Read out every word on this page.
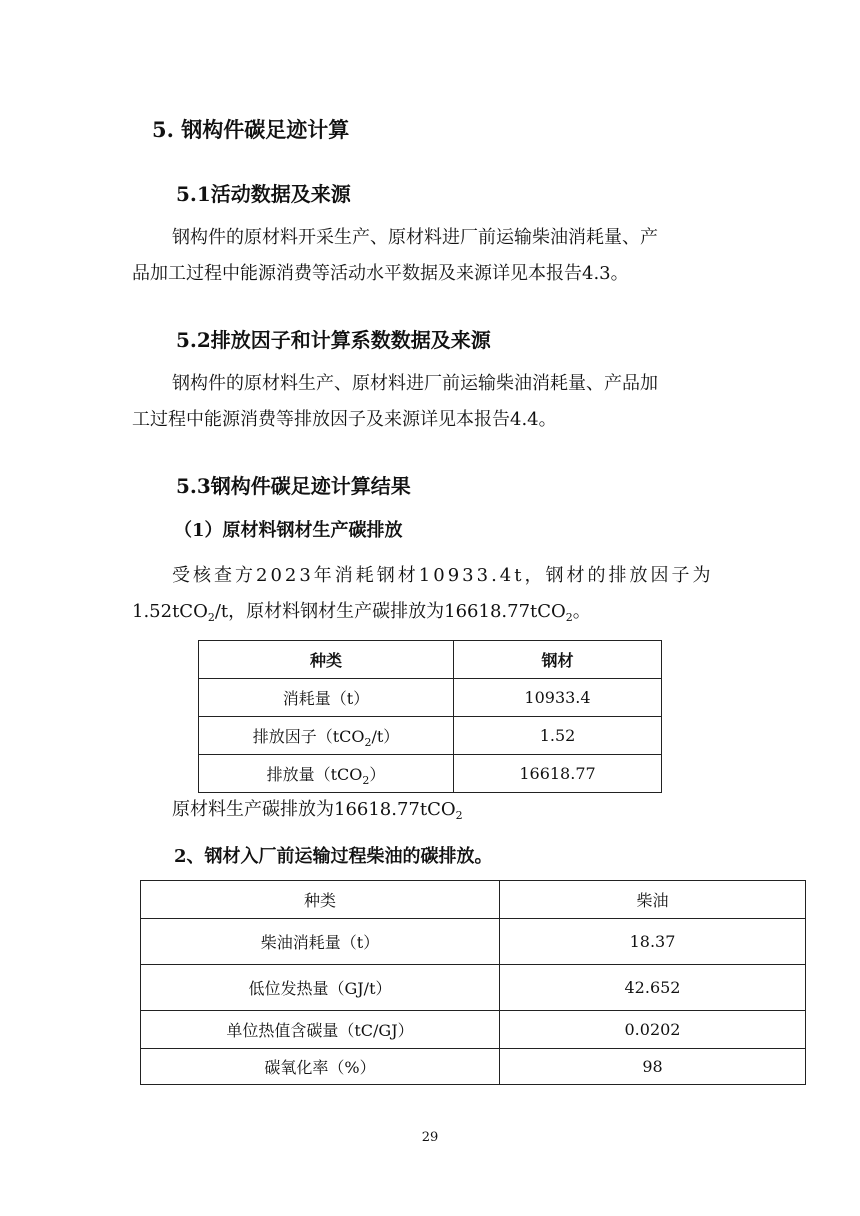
5. 钢构件碳足迹计算
5.1活动数据及来源
钢构件的原材料开采生产、原材料进厂前运输柴油消耗量、产
品加工过程中能源消费等活动水平数据及来源详见本报告4.3。
5.2排放因子和计算系数数据及来源
钢构件的原材料生产、原材料进厂前运输柴油消耗量、产品加
工过程中能源消费等排放因子及来源详见本报告4.4。
5.3钢构件碳足迹计算结果
（1）原材料钢材生产碳排放
受核查方2023年消耗钢材10933.4t，钢材的排放因子为
1.52tCO$_2$/t，原材料钢材生产碳排放为16618.77tCO$_2$。
种类	钢材
消耗量（t）	10933.4
排放因子（tCO$_2$/t）	1.52
排放量（tCO$_2$）	16618.77
原材料生产碳排放为16618.77tCO$_2$
2、钢材入厂前运输过程柴油的碳排放。
种类	柴油
柴油消耗量（t）	18.37
低位发热量（GJ/t）	42.652
单位热值含碳量（tC/GJ）	0.0202
碳氧化率（%）	98
29
